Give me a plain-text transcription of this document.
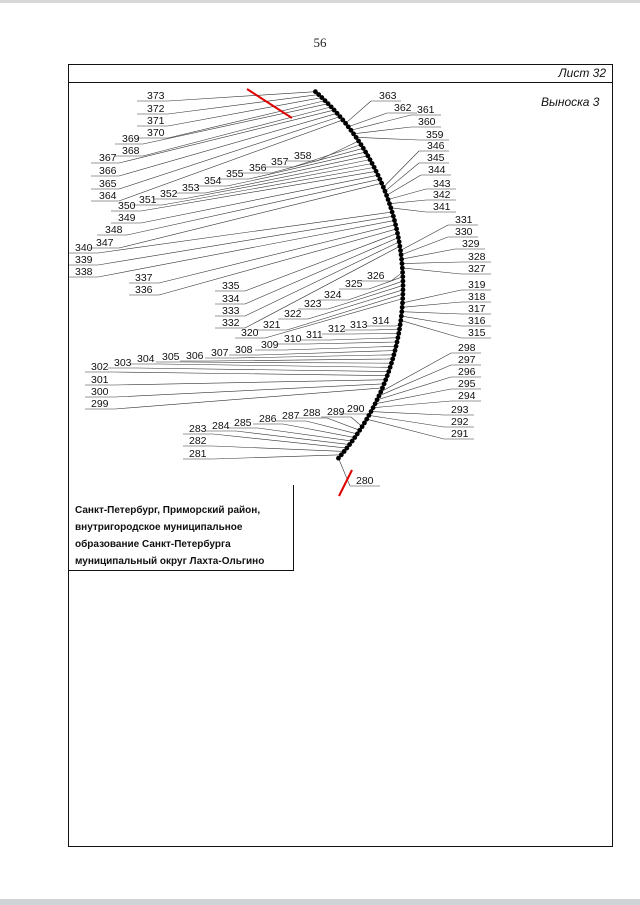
56
Лист 32
Выноска 3
373
372
371
370
369
368
367
366
365
364
363
362 361
360
359
358
357
356
355
354
353
352
351
350
349
348
347
346
345
344
343
342
341
340
339
338	337
336	335
334
333
332
331
330
329
328
327
326
325
324
323
322
321
320
319
318
317
316
315
314
313
312
311
310
309
308
307
306
305
304
303
302
301
300
299
298
297
296
295
294
293
292
291
290
289
288
287
286
285
284
283
282
281
280
Санкт-Петербург, Приморский район,
внутригородское муниципальное
образование Санкт-Петербурга
муниципальный округ Лахта-Ольгино
